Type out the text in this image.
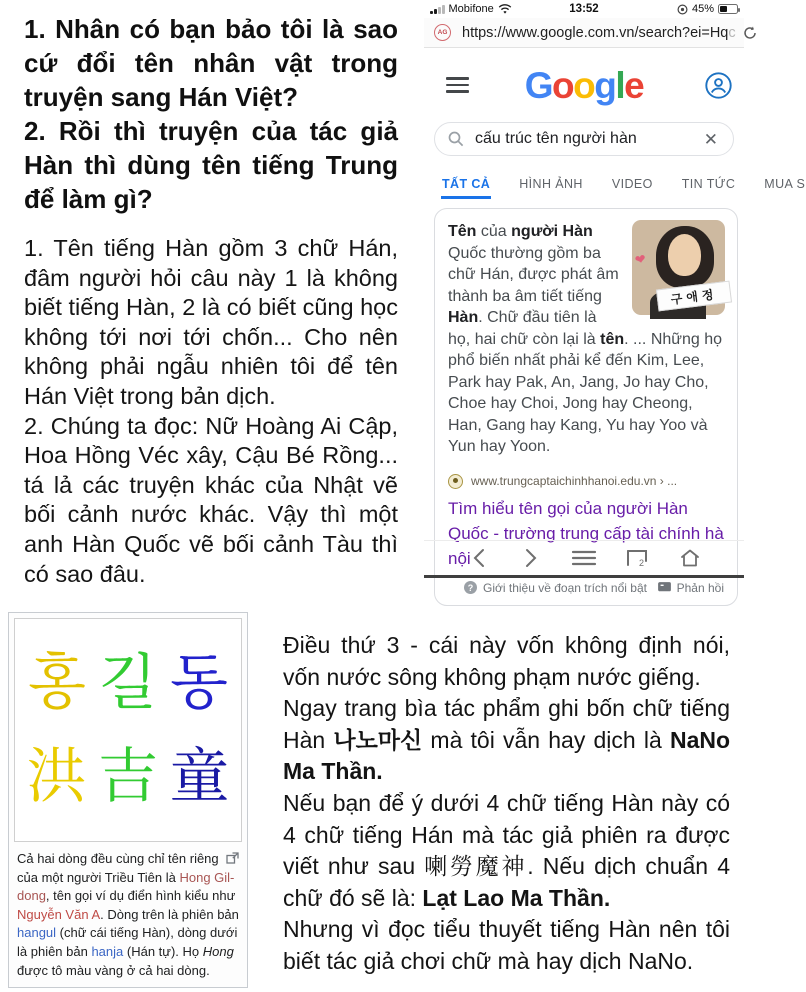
1. Nhân có bạn bảo tôi là sao cứ đổi tên nhân vật trong truyện sang Hán Việt?

2. Rồi thì truyện của tác giả Hàn thì dùng tên tiếng Trung để làm gì?

1. Tên tiếng Hàn gồm 3 chữ Hán, đâm người hỏi câu này 1 là không biết tiếng Hàn, 2 là có biết cũng học không tới nơi tới chốn... Cho nên không phải ngẫu nhiên tôi để tên Hán Việt trong bản dịch.

2. Chúng ta đọc: Nữ Hoàng Ai Cập, Hoa Hồng Véc xây, Cậu Bé Rồng... tá lả các truyện khác của Nhật vẽ bối cảnh nước khác. Vậy thì một anh Hàn Quốc vẽ bối cảnh Tàu thì có sao đâu.

Mobifone	13:52	45%
AG https://www.google.com.vn/search?ei=Hqc
Google
cấu trúc tên người hàn	✕
TẤT CẢ HÌNH ẢNH VIDEO TIN TỨC MUA S
❤
구애정
Tên của người Hàn Quốc thường gồm ba chữ Hán, được phát âm thành ba âm tiết tiếng Hàn. Chữ đầu tiên là họ, hai chữ còn lại là tên. ... Những họ phổ biến nhất phải kể đến Kim, Lee, Park hay Pak, An, Jang, Jo hay Cho, Choe hay Choi, Jong hay Cheong, Han, Gang hay Kang, Yu hay Yoo và Yun hay Yoon.
www.trungcaptaichinhhanoi.edu.vn › ...
Tìm hiểu tên gọi của người Hàn Quốc - trường trung cấp tài chính hà nội
? Giới thiệu về đoạn trích nổi bật Phản hồi
2
홍 길 동
洪 吉 童
Cả hai dòng đều cùng chỉ tên riêng của một người Triều Tiên là Hong Gil-dong, tên gọi ví dụ điển hình kiểu như Nguyễn Văn A. Dòng trên là phiên bản hangul (chữ cái tiếng Hàn), dòng dưới là phiên bản hanja (Hán tự). Họ Hong được tô màu vàng ở cả hai dòng.

Điều thứ 3 - cái này vốn không định nói, vốn nước sông không phạm nước giếng.

Ngay trang bìa tác phẩm ghi bốn chữ tiếng Hàn 나노마신 mà tôi vẫn hay dịch là NaNo Ma Thần.

Nếu bạn để ý dưới 4 chữ tiếng Hàn này có 4 chữ tiếng Hán mà tác giả phiên ra được viết như sau 喇勞魔神. Nếu dịch chuẩn 4 chữ đó sẽ là: Lạt Lao Ma Thần.

Nhưng vì đọc tiểu thuyết tiếng Hàn nên tôi biết tác giả chơi chữ mà hay dịch NaNo.
